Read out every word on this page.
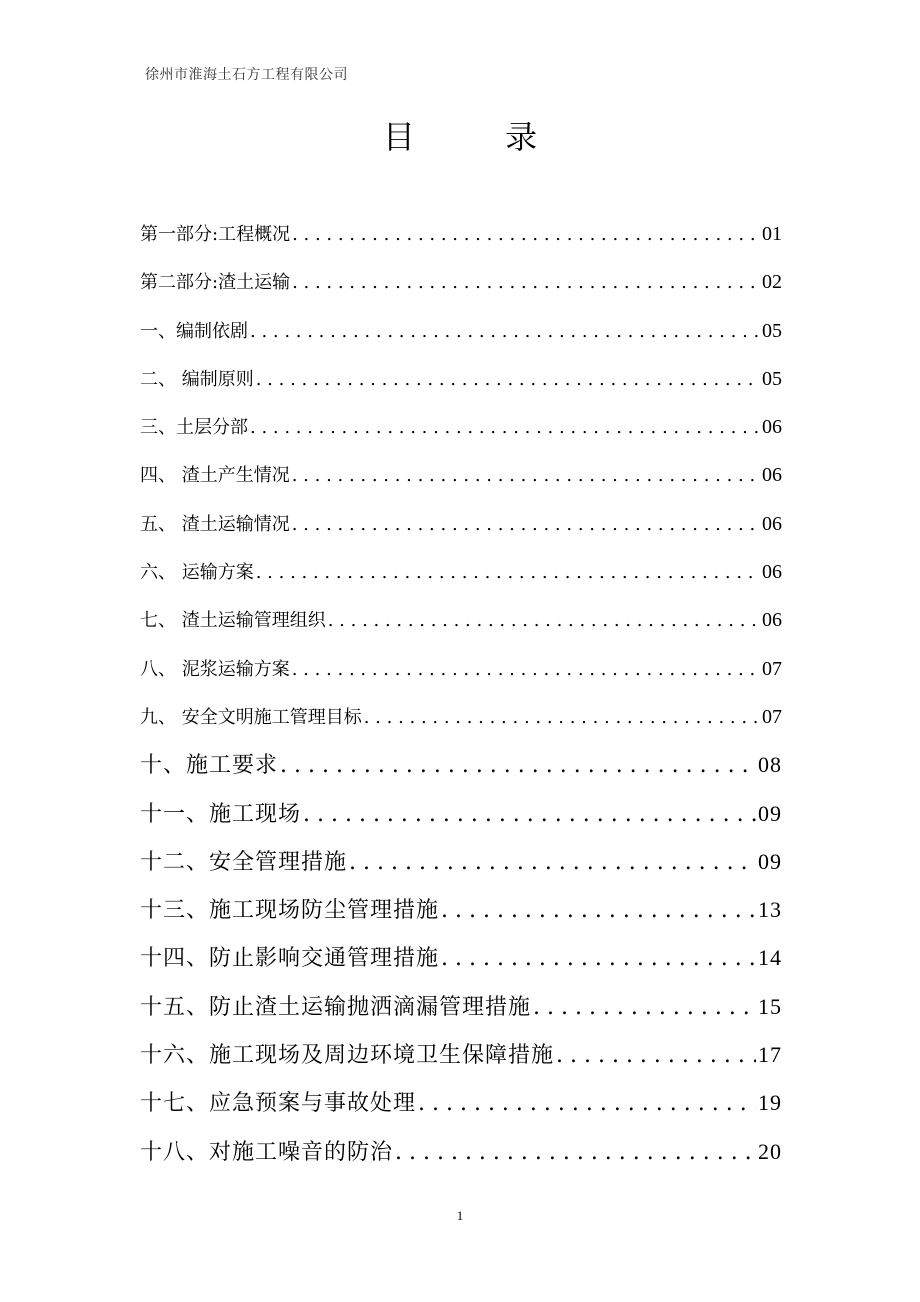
徐州市淮海土石方工程有限公司
目 录
第一部分:工程概况 . . .	01
第二部分:渣土运输 . . .	02
一、编制依剧 . . .	05
二、 编制原则 . . .	05
三、土层分部 . . .	06
四、 渣土产生情况 . . .	06
五、 渣土运输情况 . . .	06
六、 运输方案 . . .	06
七、 渣土运输管理组织 . . .	06
八、 泥浆运输方案 . . .	07
九、 安全文明施工管理目标 . . .	07
十、施工要求 . . .	08
十一、施工现场 . . .	09
十二、安全管理措施 . . .	09
十三、施工现场防尘管理措施 . . .	13
十四、防止影响交通管理措施 . . .	14
十五、防止渣土运输抛洒滴漏管理措施 . . .	15
十六、施工现场及周边环境卫生保障措施 . . .	17
十七、应急预案与事故处理 . . .	19
十八、对施工噪音的防治 . . .	20
1
